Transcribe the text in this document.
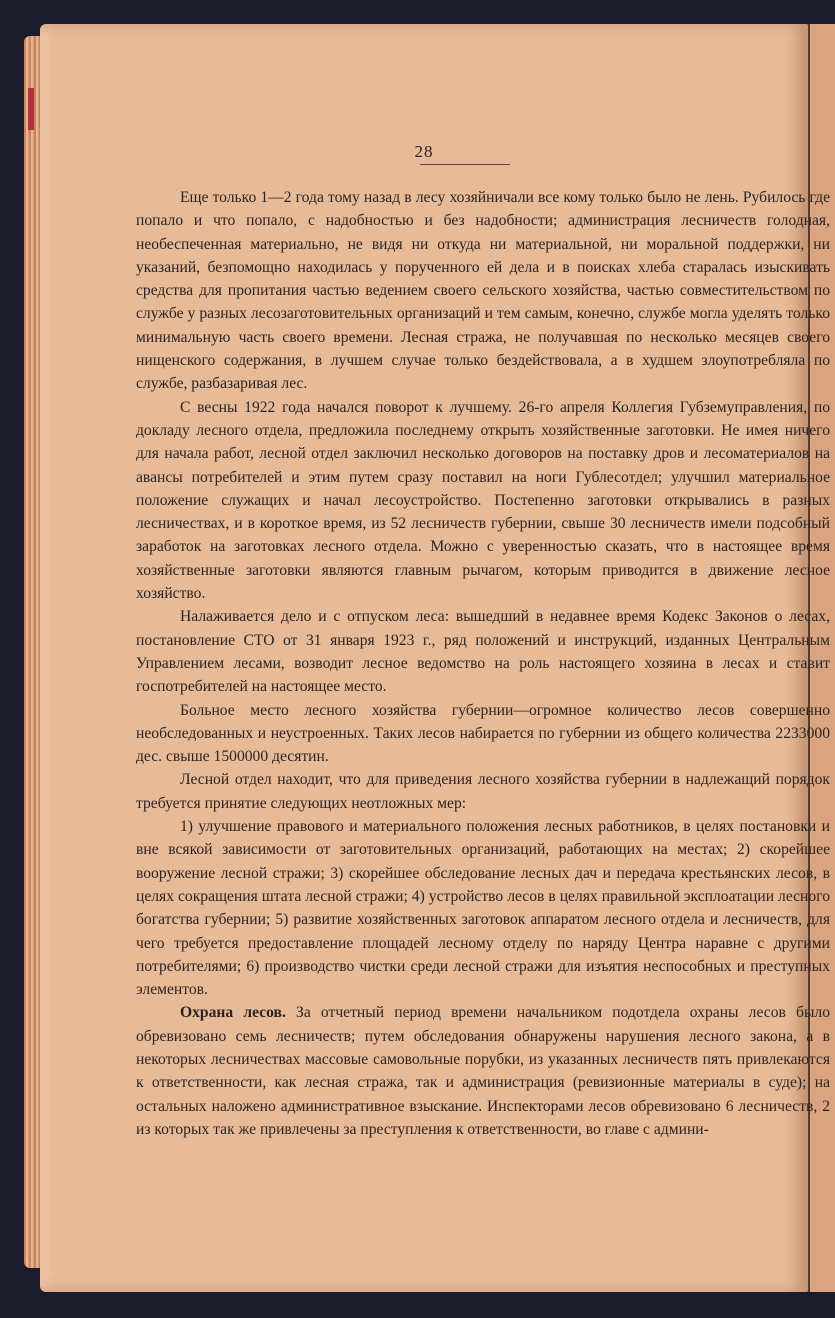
28

Еще только 1—2 года тому назад в лесу хозяйничали все кому только было не лень. Рубилось где попало и что попало, с надобностью и без надобности; администрация лесничеств голодная, необеспеченная материально, не видя ни откуда ни материальной, ни моральной поддержки, ни указаний, безпомощно находилась у порученного ей дела и в поисках хлеба старалась изыскивать средства для пропитания частью ведением своего сельского хозяйства, частью совместительством по службе у разных лесозаготовительных организаций и тем самым, конечно, службе могла уделять только минимальную часть своего времени. Лесная стража, не получавшая по несколько месяцев своего нищенского содержания, в лучшем случае только бездействовала, а в худшем злоупотребляла по службе, разбазаривая лес.

С весны 1922 года начался поворот к лучшему. 26-го апреля Коллегия Губземуправления, по докладу лесного отдела, предложила последнему открыть хозяйственные заготовки. Не имея ничего для начала работ, лесной отдел заключил несколько договоров на поставку дров и лесоматериалов на авансы потребителей и этим путем сразу поставил на ноги Гублесотдел; улучшил материальное положение служащих и начал лесоустройство. Постепенно заготовки открывались в разных лесничествах, и в короткое время, из 52 лесничеств губернии, свыше 30 лесничеств имели подсобный заработок на заготовках лесного отдела. Можно с уверенностью сказать, что в настоящее время хозяйственные заготовки являются главным рычагом, которым приводится в движение лесное хозяйство.

Налаживается дело и с отпуском леса: вышедший в недавнее время Кодекс Законов о лесах, постановление СТО от 31 января 1923 г., ряд положений и инструкций, изданных Центральным Управлением лесами, возводит лесное ведомство на роль настоящего хозяина в лесах и ставит госпотребителей на настоящее место.

Больное место лесного хозяйства губернии—огромное количество лесов совершенно необследованных и неустроенных. Таких лесов набирается по губернии из общего количества 2233000 дес. свыше 1500000 десятин.

Лесной отдел находит, что для приведения лесного хозяйства губернии в надлежащий порядок требуется принятие следующих неотложных мер:

1) улучшение правового и материального положения лесных работников, в целях постановки и вне всякой зависимости от заготовительных организаций, работающих на местах; 2) скорейшее вооружение лесной стражи; 3) скорейшее обследование лесных дач и передача крестьянских лесов, в целях сокращения штата лесной стражи; 4) устройство лесов в целях правильной эксплоатации лесного богатства губернии; 5) развитие хозяйственных заготовок аппаратом лесного отдела и лесничеств, для чего требуется предоставление площадей лесному отделу по наряду Центра наравне с другими потребителями; 6) производство чистки среди лесной стражи для изъятия неспособных и преступных элементов.

Охрана лесов. За отчетный период времени начальником подотдела охраны лесов было обревизовано семь лесничеств; путем обследования обнаружены нарушения лесного закона, а в некоторых лесничествах массовые самовольные порубки, из указанных лесничеств пять привлекаются к ответственности, как лесная стража, так и администрация (ревизионные материалы в суде); на остальных наложено административное взыскание. Инспекторами лесов обревизовано 6 лесничеств, 2 из которых так же привлечены за преступления к ответственности, во главе с админи-
